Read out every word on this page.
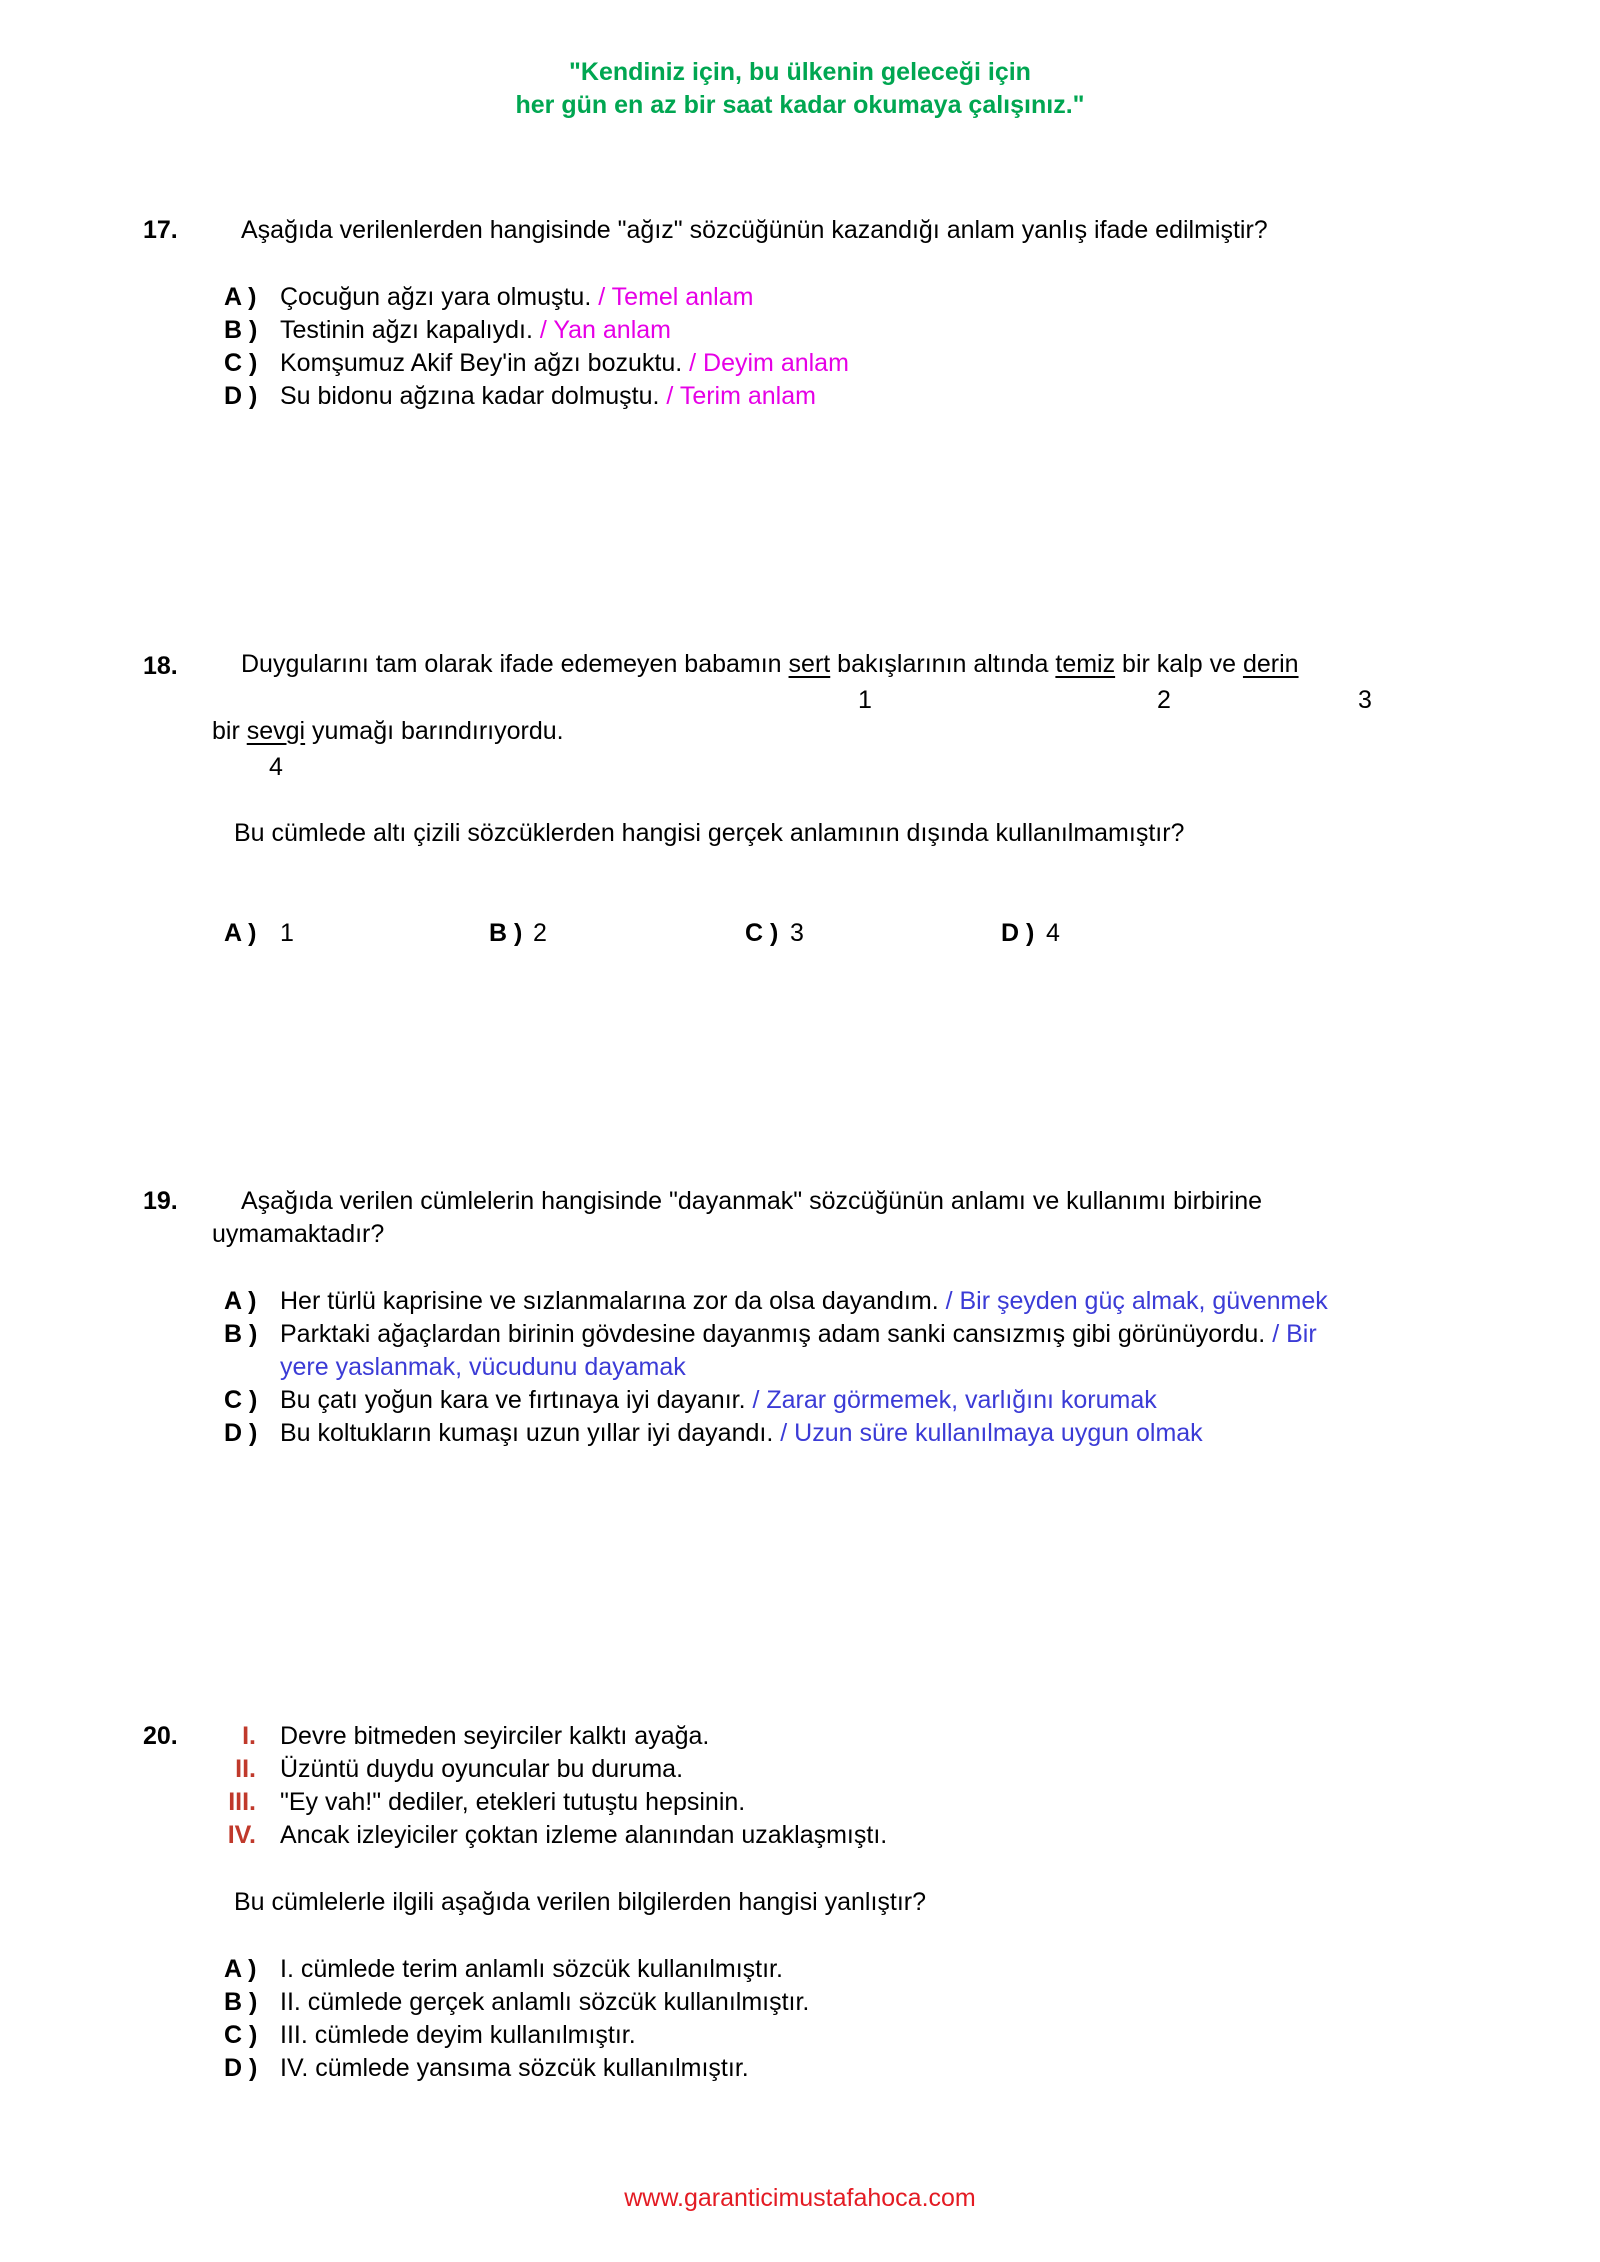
"Kendiniz için, bu ülkenin geleceği için
her gün en az bir saat kadar okumaya çalışınız."
17.	Aşağıda verilenlerden hangisinde "ağız" sözcüğünün kazandığı anlam yanlış ifade edilmiştir?
A ) Çocuğun ağzı yara olmuştu. / Temel anlam
B ) Testinin ağzı kapalıydı. / Yan anlam
C ) Komşumuz Akif Bey'in ağzı bozuktu. / Deyim anlam
D ) Su bidonu ağzına kadar dolmuştu. / Terim anlam
18.	Duygularını tam olarak ifade edemeyen babamın sert bakışlarının altında temiz bir kalp ve derin
1	2	3
bir sevgi yumağı barındırıyordu.
4
Bu cümlede altı çizili sözcüklerden hangisi gerçek anlamının dışında kullanılmamıştır?
A ) 1	B ) 2	C ) 3	D ) 4
19.	Aşağıda verilen cümlelerin hangisinde "dayanmak" sözcüğünün anlamı ve kullanımı birbirine
uymamaktadır?
A ) Her türlü kaprisine ve sızlanmalarına zor da olsa dayandım. / Bir şeyden güç almak, güvenmek
B ) Parktaki ağaçlardan birinin gövdesine dayanmış adam sanki cansızmış gibi görünüyordu. / Bir
yere yaslanmak, vücudunu dayamak
C ) Bu çatı yoğun kara ve fırtınaya iyi dayanır. / Zarar görmemek, varlığını korumak
D ) Bu koltukların kumaşı uzun yıllar iyi dayandı. / Uzun süre kullanılmaya uygun olmak
20.	I. Devre bitmeden seyirciler kalktı ayağa.
II. Üzüntü duydu oyuncular bu duruma.
III. "Ey vah!" dediler, etekleri tutuştu hepsinin.
IV. Ancak izleyiciler çoktan izleme alanından uzaklaşmıştı.
Bu cümlelerle ilgili aşağıda verilen bilgilerden hangisi yanlıştır?
A ) I. cümlede terim anlamlı sözcük kullanılmıştır.
B ) II. cümlede gerçek anlamlı sözcük kullanılmıştır.
C ) III. cümlede deyim kullanılmıştır.
D ) IV. cümlede yansıma sözcük kullanılmıştır.
www.garanticimustafahoca.com
